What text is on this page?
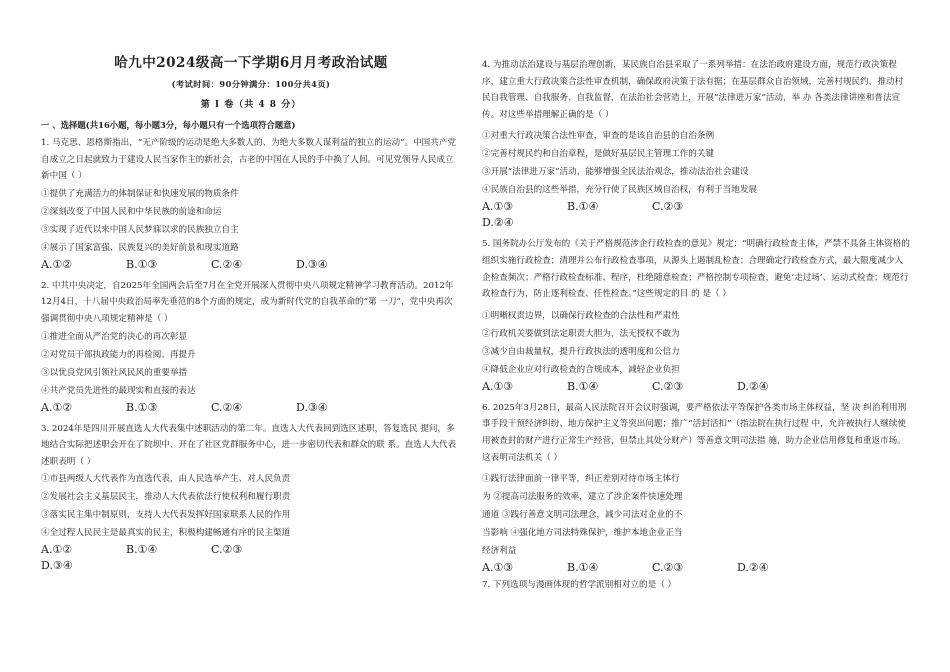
哈九中2024级高一下学期6月月考政治试题
(考试时间：90分钟满分：100分共4页)
第 I 卷（共 4 8 分）
一 、选择题(共16小题，每小题3分，每小题只有一个选项符合题意)

1. 马克思、恩格斯指出，“无产阶级的运动是绝大多数人的、为绝大多数人谋利益的独立的运动”。中国共产党自成立之日起就致力于建设人民当家作主的新社会，古老的中国在人民的手中换了人间。可见党领导人民成立新中国（ ）

①提供了充满活力的体制保证和快速发展的物质条件

②深刻改变了中国人民和中华民族的前途和命运

③实现了近代以来中国人民梦寐以求的民族独立自主

④展示了国家富强、民族复兴的美好前景和现实道路

A.①②	B.①③	C.②④	D.③④

2. 中共中央决定，自2025年全国两会后至7月在全党开展深入贯彻中央八项规定精神学习教育活动。2012年12月4日，十八届中央政治局率先垂范的8个方面的规定，成为新时代党的自我革命的“第 一刀”，党中央再次强调贯彻中央八项规定精神是（ ）

①推进全面从严治党的决心的再次彰显

②对党员干部执政能力的再检阅、再提升

③以优良党风引领社风民风的重要举措

④共产党员先进性的最现实和直接的表达

A.①②	B.①③	C.②④	D.③④

3. 2024年是四川开展直选人大代表集中述职活动的第二年。直选人大代表回到选区述职，答复选民 提问，多地结合实际把述职会开在了院坝中、开在了社区党群服务中心，进一步密切代表和群众的联 系。直选人大代表述职表明（ ）

①市县两级人大代表作为直选代表，由人民选举产生、对人民负责

②发展社会主义基层民主，推动人大代表依法行使权利和履行职责

③落实民主集中制原则，支持人大代表发挥好国家联系人民的作用

④全过程人民民主是最真实的民主，积极构建畅通有序的民主渠道

A.①②	B.①④	C.②③
D.③④

4. 为推动法治建设与基层治理创新，某民族自治县采取了一系列举措：在法治政府建设方面，规范行政决策程序，建立重大行政决策合法性审查机制，确保政府决策于法有据；在基层群众自治领域，完善村规民约，推动村民自我管理、自我服务、自我监督，在法治社会营造上，开展“法律进万家”活动，举 办 各类法律讲座和普法宣传。对这些举措理解正确的是（ ）

①对重大行政决策合法性审查，审查的是该自治县的自治条例

②完善村规民约和自治章程，是做好基层民主管理工作的关键

③开展“法律进万家”活动，能够增强全民法治观念，推动法治社会建设

④民族自治县的这些举措，充分行使了民族区域自治权，有利于当地发展

A.①③	B.①④	C.②③
D.②④

5. 国务院办公厅发布的《关于严格规范涉企行政检查的意见》规定：“明确行政检查主体，严禁不具备主体资格的组织实施行政检查；清理并公布行政检查事项，从源头上遏制乱检查；合理确定行政检查方式，最大限度减少入企检查频次；严格行政检查标准、程序，杜绝随意检查；严格控制专项检查，避免‘走过场’、运动式检查；规范行政检查行为，防止逐利检查、任性检查。”这些规定的目 的 是（ ）

①明晰权责边界，以确保行政检查的合法性和严肃性

②行政机关要做到法定职责大胆为，法无授权不敢为

③减少自由裁量权，提升行政执法的透明度和公信力

④降低企业应对行政检查的合规成本，减轻企业负担

A.①③	B.①④	C.②③	D.②④

6. 2025年3月28日，最高人民法院召开会议时强调，要严格依法平等保护各类市场主体权益，坚 决 纠治利用刑事手段干预经济纠纷、地方保护主义等突出问题；推广“活封活扣”（指法院在执行过程 中，允许被执行人继续使用被查封的财产进行正常生产经营，但禁止其处分财产）等善意文明司法措 施，助力企业信用修复和重返市场。这表明司法机关（ ）

①践行法律面前一律平等，纠正差别对待市场主体行

为 ②提高司法服务的效率，建立了涉企案件快速处理

通道 ③践行善意文明司法理念，减少司法对企业的不

当影响 ④强化地方司法特殊保护，维护本地企业正当

经济利益

A.①③	B.①④	C.②③	D.②④

7. 下列选项与漫画体现的哲学派别相对立的是（ ）
